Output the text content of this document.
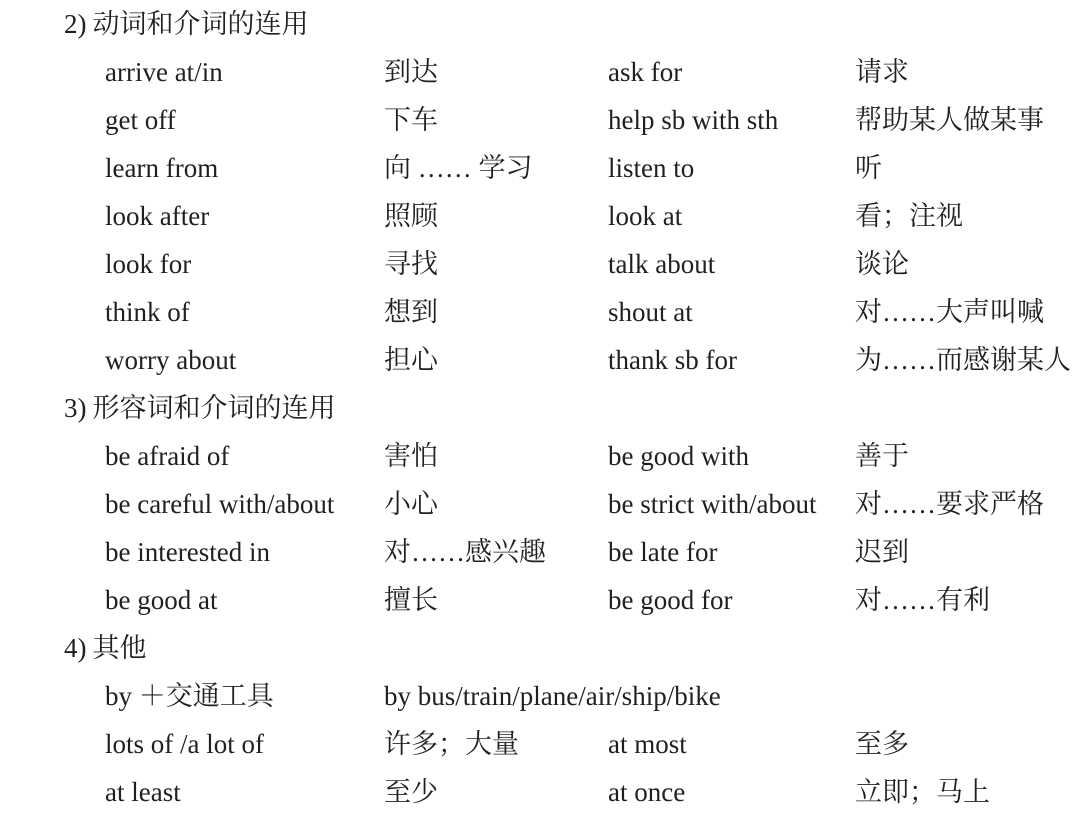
2) 动词和介词的连用
arrive at/in	到达	ask for	请求
get off	下车	help sb with sth	帮助某人做某事
learn from	向 …… 学习	listen to	听
look after	照顾	look at	看；注视
look for	寻找	talk about	谈论
think of	想到	shout at	对……大声叫喊
worry about	担心	thank sb for	为……而感谢某人
3) 形容词和介词的连用
be afraid of	害怕	be good with	善于
be careful with/about 小心	be strict with/about 对……要求严格
be interested in	对……感兴趣 be late for	迟到
be good at	擅长	be good for	对……有利
4) 其他
by ＋交通工具	by bus/train/plane/air/ship/bike
lots of /a lot of	许多；大量	at most	至多
at least	至少	at once	立即；马上
